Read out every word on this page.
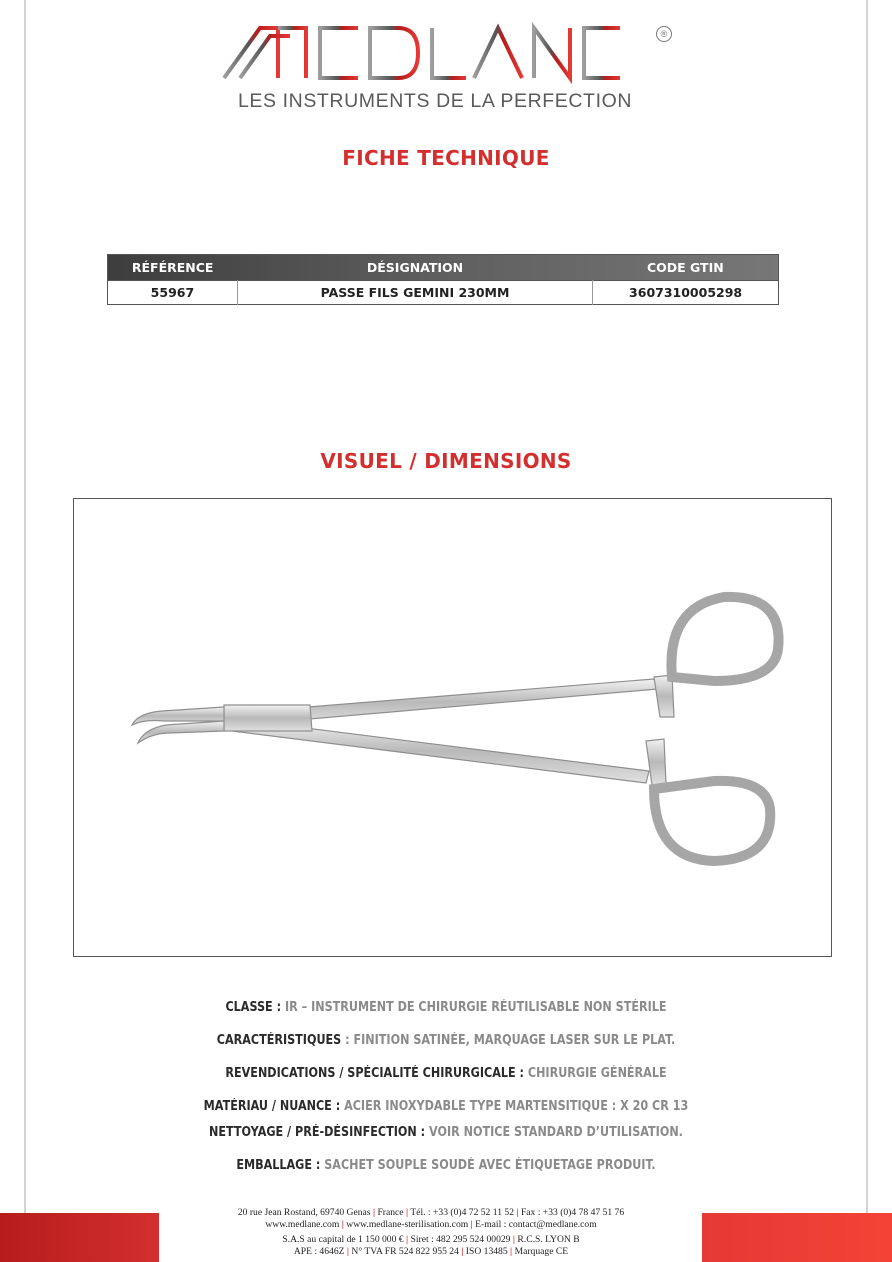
®
LES INSTRUMENTS DE LA PERFECTION
FICHE TECHNIQUE
RÉFÉRENCE	DÉSIGNATION	CODE GTIN
55967	PASSE FILS GEMINI 230MM	3607310005298
VISUEL / DIMENSIONS
CLASSE : IR – INSTRUMENT DE CHIRURGIE RÉUTILISABLE NON STÉRILE
CARACTÉRISTIQUES : FINITION SATINÉE, MARQUAGE LASER SUR LE PLAT.
REVENDICATIONS / SPÉCIALITÉ CHIRURGICALE : CHIRURGIE GÉNÉRALE
MATÉRIAU / NUANCE : ACIER INOXYDABLE TYPE MARTENSITIQUE : X 20 CR 13
NETTOYAGE / PRÉ-DÉSINFECTION : VOIR NOTICE STANDARD D’UTILISATION.
EMBALLAGE : SACHET SOUPLE SOUDÉ AVEC ÉTIQUETAGE PRODUIT.
20 rue Jean Rostand, 69740 Genas | France | Tél. : +33 (0)4 72 52 11 52 | Fax : +33 (0)4 78 47 51 76
www.medlane.com | www.medlane-sterilisation.com | E-mail : contact@medlane.com
S.A.S au capital de 1 150 000 € | Siret : 482 295 524 00029 | R.C.S. LYON B
APE : 4646Z | N° TVA FR 524 822 955 24 | ISO 13485 | Marquage CE
